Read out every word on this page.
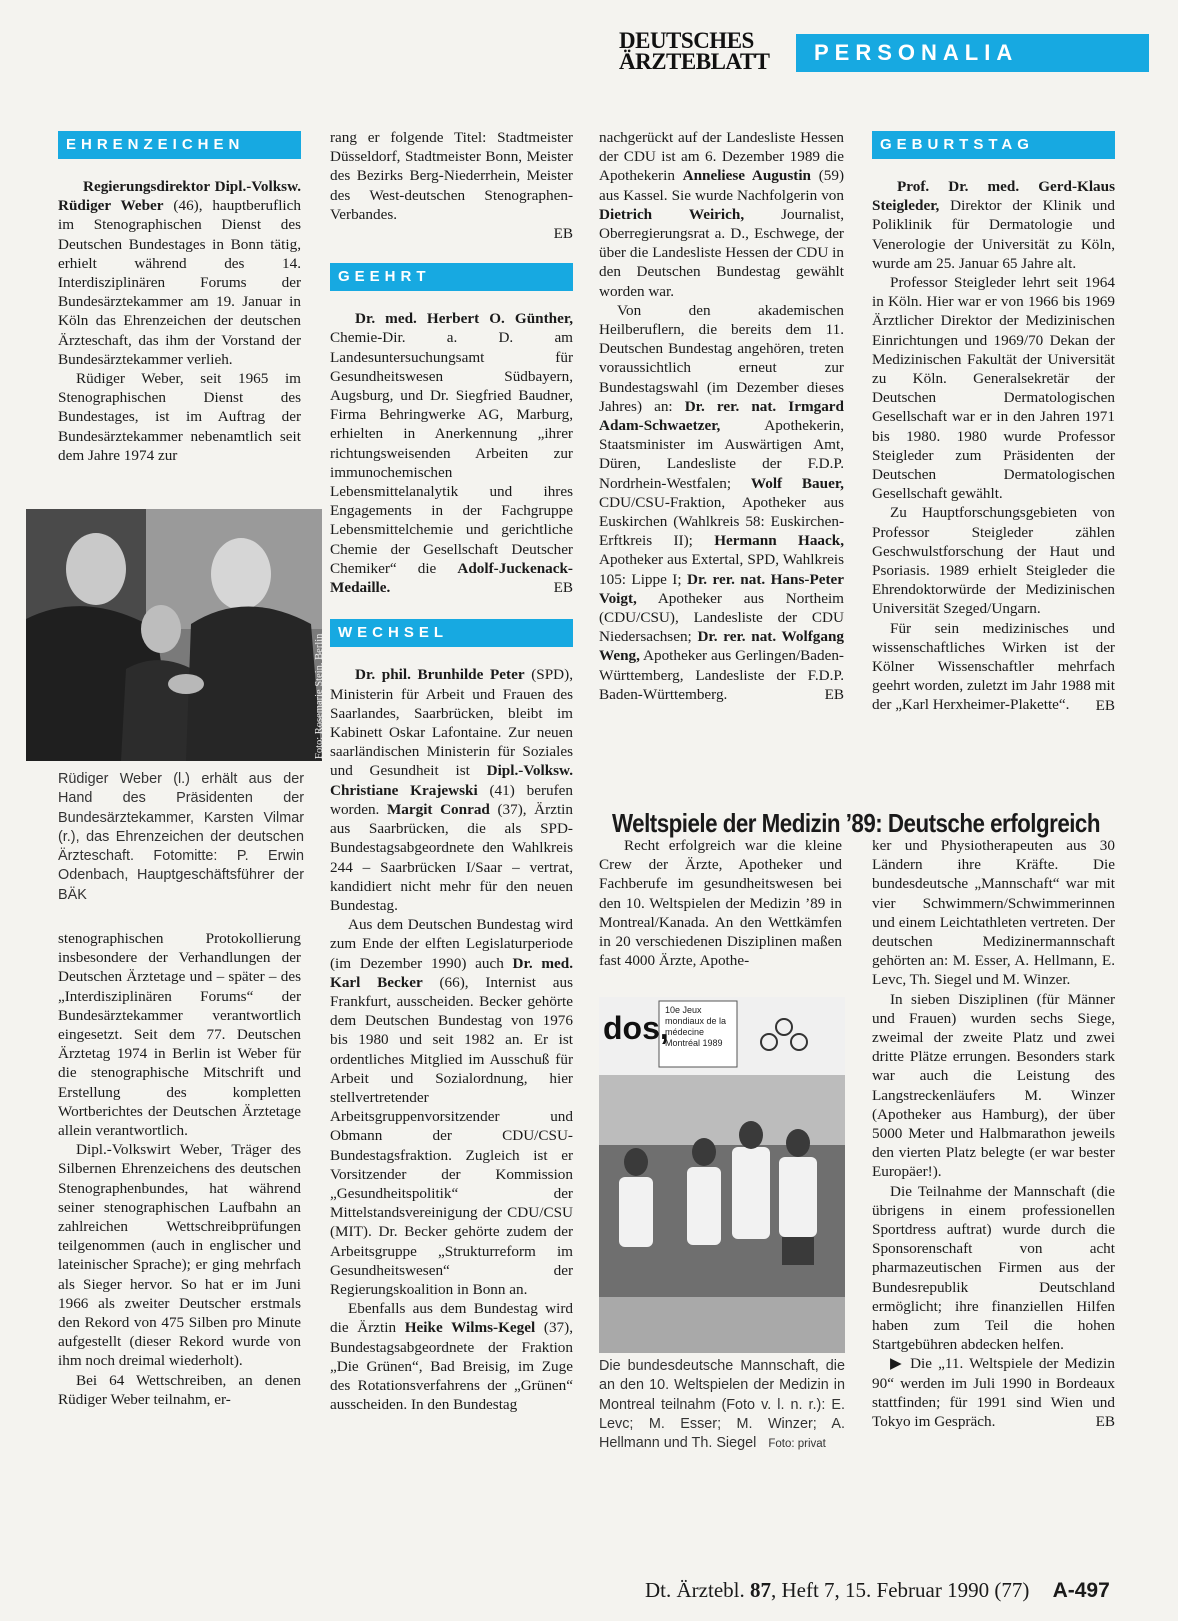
DEUTSCHES
ÄRZTEBLATT	PERSONALIA
EHRENZEICHEN

Regierungsdirektor Dipl.-Volksw. Rüdiger Weber (46), hauptberuflich im Stenographischen Dienst des Deutschen Bundestages in Bonn tätig, erhielt während des 14. Interdisziplinären Forums der Bundesärztekammer am 19. Januar in Köln das Ehrenzeichen der deutschen Ärzteschaft, das ihm der Vorstand der Bundesärztekammer verlieh.

Rüdiger Weber, seit 1965 im Stenographischen Dienst des Bundestages, ist im Auftrag der Bundesärztekammer nebenamtlich seit dem Jahre 1974 zur

Foto: Rosemarie Stein, Berlin
Rüdiger Weber (l.) erhält aus der Hand des Präsidenten der Bundesärztekammer, Karsten Vilmar (r.), das Ehrenzeichen der deutschen Ärzteschaft. Fotomitte: P. Erwin Odenbach, Hauptgeschäftsführer der BÄK

stenographischen Protokollierung insbesondere der Verhandlungen der Deutschen Ärztetage und – später – des „Interdisziplinären Forums“ der Bundesärztekammer verantwortlich eingesetzt. Seit dem 77. Deutschen Ärztetag 1974 in Berlin ist Weber für die stenographische Mitschrift und Erstellung des kompletten Wortberichtes der Deutschen Ärztetage allein verantwortlich.

Dipl.-Volkswirt Weber, Träger des Silbernen Ehrenzeichens des deutschen Stenographenbundes, hat während seiner stenographischen Laufbahn an zahlreichen Wettschreibprüfungen teilgenommen (auch in englischer und lateinischer Sprache); er ging mehrfach als Sieger hervor. So hat er im Juni 1966 als zweiter Deutscher erstmals den Rekord von 475 Silben pro Minute aufgestellt (dieser Rekord wurde von ihm noch dreimal wiederholt).

Bei 64 Wettschreiben, an denen Rüdiger Weber teilnahm, er-

rang er folgende Titel: Stadtmeister Düsseldorf, Stadtmeister Bonn, Meister des Bezirks Berg-Niederrhein, Meister des West-deutschen Stenographen-Verbandes.

EB
GEEHRT

Dr. med. Herbert O. Günther, Chemie-Dir. a. D. am Landesuntersuchungsamt für Gesundheitswesen Südbayern, Augsburg, und Dr. Siegfried Baudner, Firma Behringwerke AG, Marburg, erhielten in Anerkennung „ihrer richtungsweisenden Arbeiten zur immunochemischen Lebensmittelanalytik und ihres Engagements in der Fachgruppe Lebensmittelchemie und gerichtliche Chemie der Gesellschaft Deutscher Chemiker“ die Adolf-Juckenack-Medaille.	EB
WECHSEL

Dr. phil. Brunhilde Peter (SPD), Ministerin für Arbeit und Frauen des Saarlandes, Saarbrücken, bleibt im Kabinett Oskar Lafontaine. Zur neuen saarländischen Ministerin für Soziales und Gesundheit ist Dipl.-Volksw. Christiane Krajewski (41) berufen worden. Margit Conrad (37), Ärztin aus Saarbrücken, die als SPD-Bundestagsabgeordnete den Wahlkreis 244 – Saarbrücken I/Saar – vertrat, kandidiert nicht mehr für den neuen Bundestag.

Aus dem Deutschen Bundestag wird zum Ende der elften Legislaturperiode (im Dezember 1990) auch Dr. med. Karl Becker (66), Internist aus Frankfurt, ausscheiden. Becker gehörte dem Deutschen Bundestag von 1976 bis 1980 und seit 1982 an. Er ist ordentliches Mitglied im Ausschuß für Arbeit und Sozialordnung, hier stellvertretender Arbeitsgruppenvorsitzender und Obmann der CDU/CSU-Bundestagsfraktion. Zugleich ist er Vorsitzender der Kommission „Gesundheitspolitik“ der Mittelstandsvereinigung der CDU/CSU (MIT). Dr. Becker gehörte zudem der Arbeitsgruppe „Strukturreform im Gesundheitswesen“ der Regierungskoalition in Bonn an.

Ebenfalls aus dem Bundestag wird die Ärztin Heike Wilms-Kegel (37), Bundestagsabgeordnete der Fraktion „Die Grünen“, Bad Breisig, im Zuge des Rotationsverfahrens der „Grünen“ ausscheiden. In den Bundestag

nachgerückt auf der Landesliste Hessen der CDU ist am 6. Dezember 1989 die Apothekerin Anneliese Augustin (59) aus Kassel. Sie wurde Nachfolgerin von Dietrich Weirich, Journalist, Oberregierungsrat a. D., Eschwege, der über die Landesliste Hessen der CDU in den Deutschen Bundestag gewählt worden war.

Von den akademischen Heilberuflern, die bereits dem 11. Deutschen Bundestag angehören, treten voraussichtlich erneut zur Bundestagswahl (im Dezember dieses Jahres) an: Dr. rer. nat. Irmgard Adam-Schwaetzer, Apothekerin, Staatsminister im Auswärtigen Amt, Düren, Landesliste der F.D.P. Nordrhein-Westfalen; Wolf Bauer, CDU/CSU-Fraktion, Apotheker aus Euskirchen (Wahlkreis 58: Euskirchen-Erftkreis II); Hermann Haack, Apotheker aus Extertal, SPD, Wahlkreis 105: Lippe I; Dr. rer. nat. Hans-Peter Voigt, Apotheker aus Northeim (CDU/CSU), Landesliste der CDU Niedersachsen; Dr. rer. nat. Wolfgang Weng, Apotheker aus Gerlingen/Baden-Württemberg, Landesliste der F.D.P. Baden-Württemberg.	EB
GEBURTSTAG

Prof. Dr. med. Gerd-Klaus Steigleder, Direktor der Klinik und Poliklinik für Dermatologie und Venerologie der Universität zu Köln, wurde am 25. Januar 65 Jahre alt.

Professor Steigleder lehrt seit 1964 in Köln. Hier war er von 1966 bis 1969 Ärztlicher Direktor der Medizinischen Einrichtungen und 1969/70 Dekan der Medizinischen Fakultät der Universität zu Köln. Generalsekretär der Deutschen Dermatologischen Gesellschaft war er in den Jahren 1971 bis 1980. 1980 wurde Professor Steigleder zum Präsidenten der Deutschen Dermatologischen Gesellschaft gewählt.

Zu Hauptforschungsgebieten von Professor Steigleder zählen Geschwulstforschung der Haut und Psoriasis. 1989 erhielt Steigleder die Ehrendoktorwürde der Medizinischen Universität Szeged/Ungarn.

Für sein medizinisches und wissenschaftliches Wirken ist der Kölner Wissenschaftler mehrfach geehrt worden, zuletzt im Jahr 1988 mit der „Karl Herxheimer-Plakette“.	EB
Weltspiele der Medizin ’89: Deutsche erfolgreich

Recht erfolgreich war die kleine Crew der Ärzte, Apotheker und Fachberufe im gesundheitswesen bei den 10. Weltspielen der Medizin ’89 in Montreal/Kanada. An den Wettkämfen in 20 verschiedenen Disziplinen maßen fast 4000 Ärzte, Apothe-

dos,
10e Jeux mondiaux de la médecine Montréal 1989
Die bundesdeutsche Mannschaft, die an den 10. Weltspielen der Medizin in Montreal teilnahm (Foto v. l. n. r.): E. Levc; M. Esser; M. Winzer; A. Hellmann und Th. Siegel Foto: privat

ker und Physiotherapeuten aus 30 Ländern ihre Kräfte. Die bundesdeutsche „Mannschaft“ war mit vier Schwimmern/Schwimmerinnen und einem Leichtathleten vertreten. Der deutschen Medizinermannschaft gehörten an: M. Esser, A. Hellmann, E. Levc, Th. Siegel und M. Winzer.

In sieben Disziplinen (für Männer und Frauen) wurden sechs Siege, zweimal der zweite Platz und zwei dritte Plätze errungen. Besonders stark war auch die Leistung des Langstreckenläufers M. Winzer (Apotheker aus Hamburg), der über 5000 Meter und Halbmarathon jeweils den vierten Platz belegte (er war bester Europäer!).

Die Teilnahme der Mannschaft (die übrigens in einem professionellen Sportdress auftrat) wurde durch die Sponsorenschaft von acht pharmazeutischen Firmen aus der Bundesrepublik Deutschland ermöglicht; ihre finanziellen Hilfen haben zum Teil die hohen Startgebühren abdecken helfen.

▶ Die „11. Weltspiele der Medizin 90“ werden im Juli 1990 in Bordeaux stattfinden; für 1991 sind Wien und Tokyo im Gespräch.	EB
Dt. Ärztebl. 87, Heft 7, 15. Februar 1990 (77) A-497
